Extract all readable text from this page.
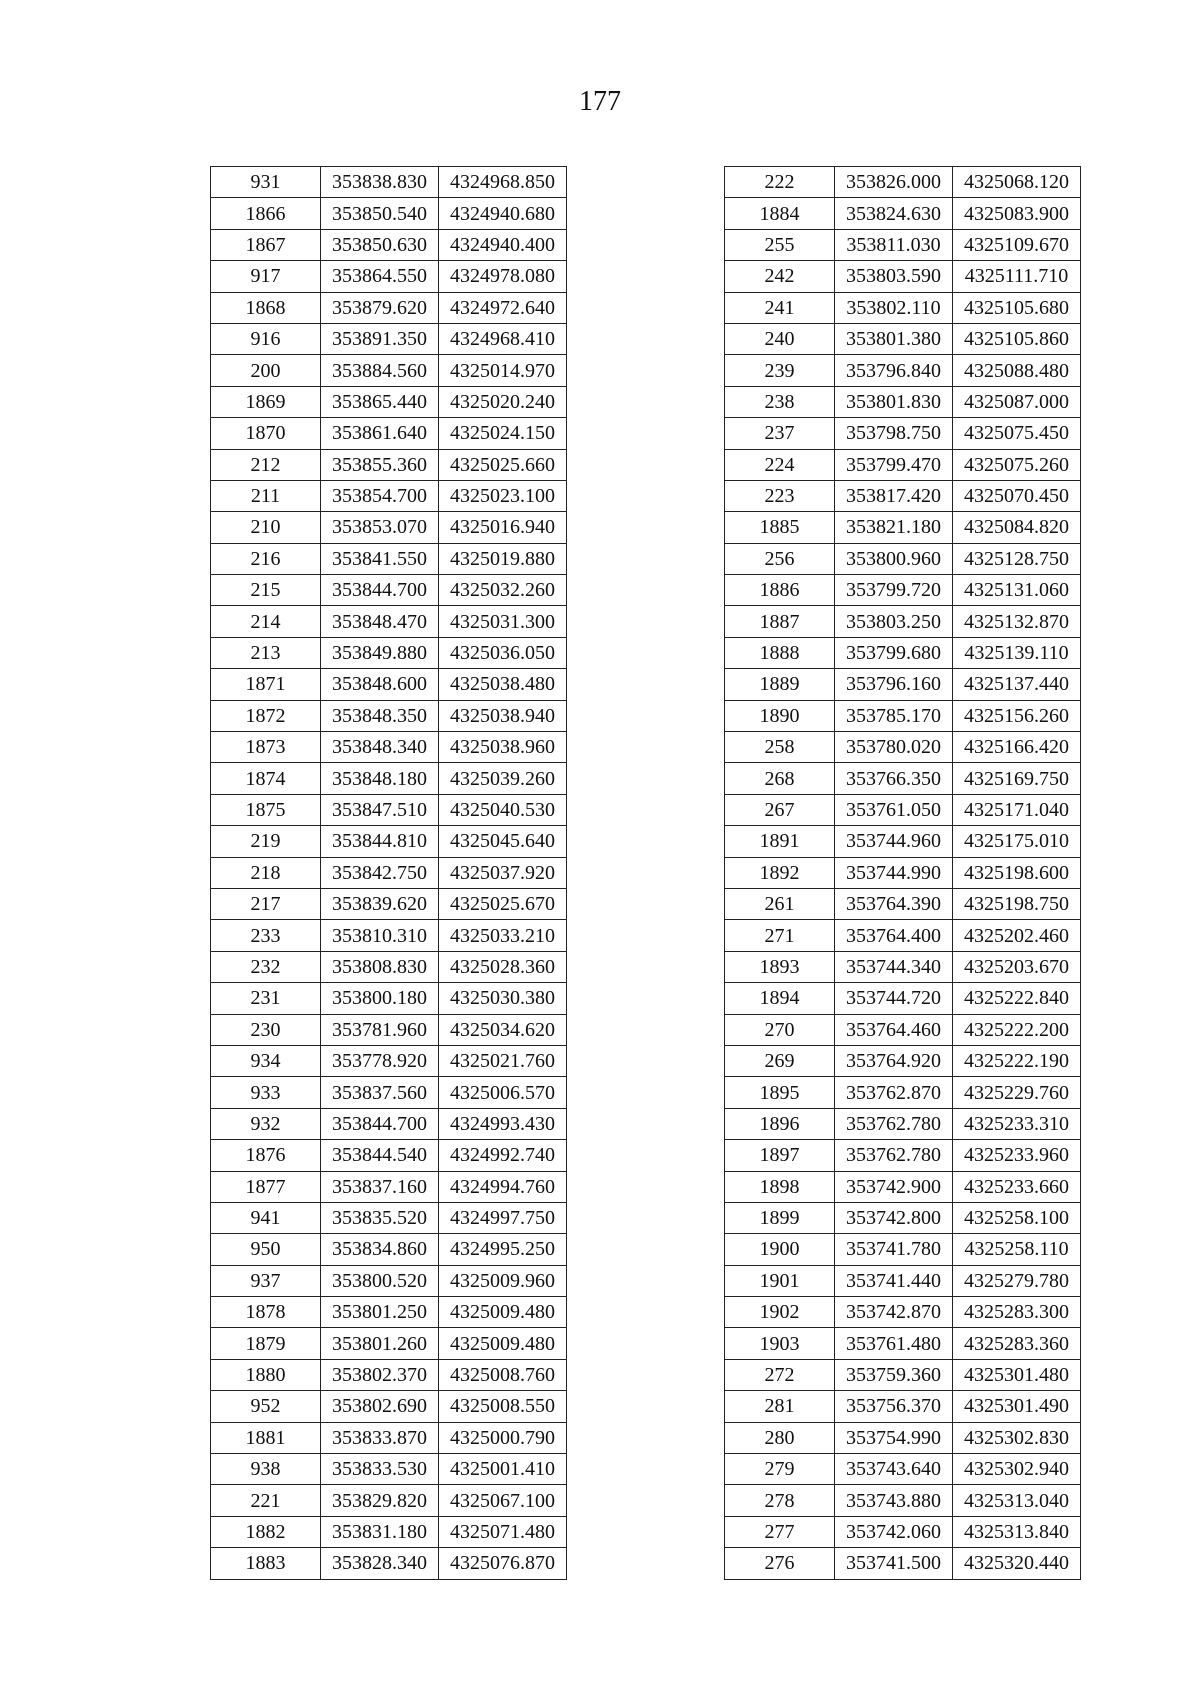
177
931	353838.830	4324968.850
1866	353850.540	4324940.680
1867	353850.630	4324940.400
917	353864.550	4324978.080
1868	353879.620	4324972.640
916	353891.350	4324968.410
200	353884.560	4325014.970
1869	353865.440	4325020.240
1870	353861.640	4325024.150
212	353855.360	4325025.660
211	353854.700	4325023.100
210	353853.070	4325016.940
216	353841.550	4325019.880
215	353844.700	4325032.260
214	353848.470	4325031.300
213	353849.880	4325036.050
1871	353848.600	4325038.480
1872	353848.350	4325038.940
1873	353848.340	4325038.960
1874	353848.180	4325039.260
1875	353847.510	4325040.530
219	353844.810	4325045.640
218	353842.750	4325037.920
217	353839.620	4325025.670
233	353810.310	4325033.210
232	353808.830	4325028.360
231	353800.180	4325030.380
230	353781.960	4325034.620
934	353778.920	4325021.760
933	353837.560	4325006.570
932	353844.700	4324993.430
1876	353844.540	4324992.740
1877	353837.160	4324994.760
941	353835.520	4324997.750
950	353834.860	4324995.250
937	353800.520	4325009.960
1878	353801.250	4325009.480
1879	353801.260	4325009.480
1880	353802.370	4325008.760
952	353802.690	4325008.550
1881	353833.870	4325000.790
938	353833.530	4325001.410
221	353829.820	4325067.100
1882	353831.180	4325071.480
1883	353828.340	4325076.870
222	353826.000	4325068.120
1884	353824.630	4325083.900
255	353811.030	4325109.670
242	353803.590	4325111.710
241	353802.110	4325105.680
240	353801.380	4325105.860
239	353796.840	4325088.480
238	353801.830	4325087.000
237	353798.750	4325075.450
224	353799.470	4325075.260
223	353817.420	4325070.450
1885	353821.180	4325084.820
256	353800.960	4325128.750
1886	353799.720	4325131.060
1887	353803.250	4325132.870
1888	353799.680	4325139.110
1889	353796.160	4325137.440
1890	353785.170	4325156.260
258	353780.020	4325166.420
268	353766.350	4325169.750
267	353761.050	4325171.040
1891	353744.960	4325175.010
1892	353744.990	4325198.600
261	353764.390	4325198.750
271	353764.400	4325202.460
1893	353744.340	4325203.670
1894	353744.720	4325222.840
270	353764.460	4325222.200
269	353764.920	4325222.190
1895	353762.870	4325229.760
1896	353762.780	4325233.310
1897	353762.780	4325233.960
1898	353742.900	4325233.660
1899	353742.800	4325258.100
1900	353741.780	4325258.110
1901	353741.440	4325279.780
1902	353742.870	4325283.300
1903	353761.480	4325283.360
272	353759.360	4325301.480
281	353756.370	4325301.490
280	353754.990	4325302.830
279	353743.640	4325302.940
278	353743.880	4325313.040
277	353742.060	4325313.840
276	353741.500	4325320.440
